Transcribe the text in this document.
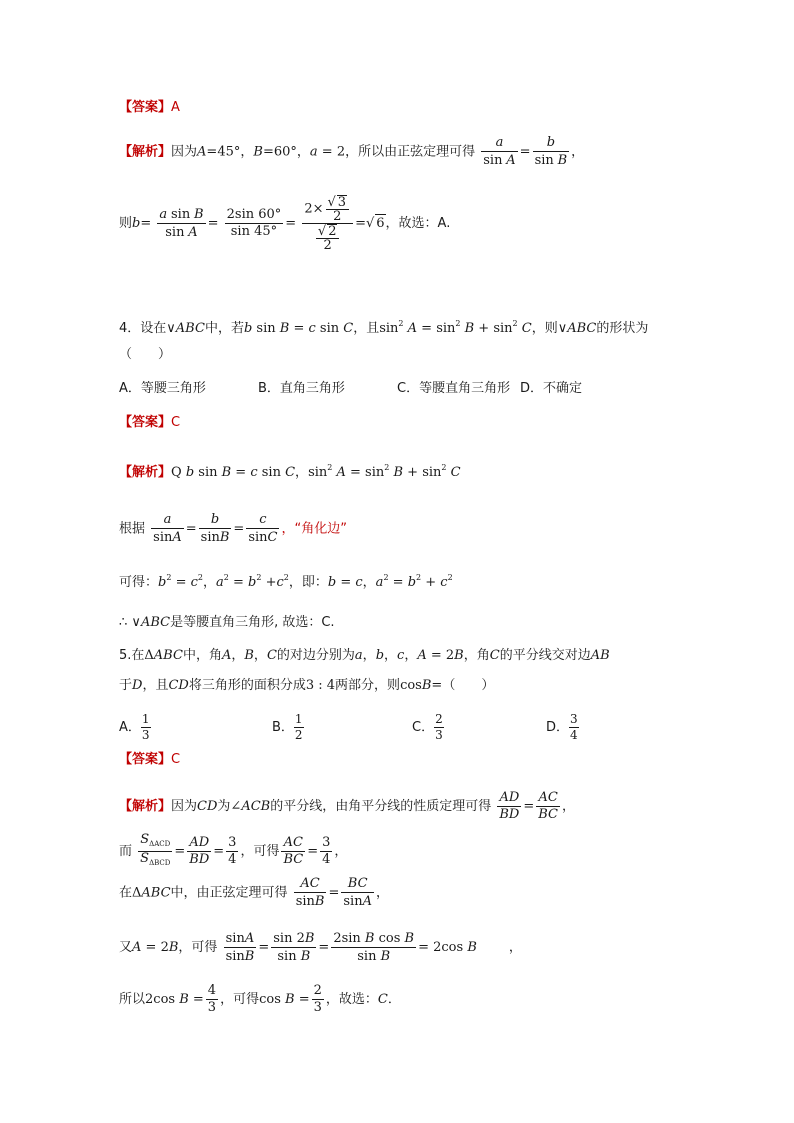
【答案】A
【解析】因为A=45°，B=60°，a = 2，所以由正弦定理可得 $\frac{a}{\text{sin A}} = \frac{b}{\text{sin B}}$ ，
则$b= \frac{\text{a sin B}}{\text{sin A}} = \frac{2\sin 60^\circ}{\sin 45^\circ} = \frac{2\times \frac{√ 3}{2}}{\frac{√ 2}{2}}$ =√ 6，故选：A.
4．设在∨ABC中，若b sin B = c sin C，且$\sin^2 A = \sin^2 B + \sin^2 C$，则∨ABC的形状为
（　　）
A．等腰三角形	B．直角三角形	C．等腰直角三角形 D．不确定
【答案】C
【解析】Q b sin B = c sin C，$\sin^2 A = \sin^2 B + \sin^2 C$
根据 $\frac{a}{\sin A} = \frac{b}{\sin B} = \frac{c}{\sin C}$ ，“角化边”
可得：$b^2 = c^2$，$a^2 = b^2 +c^2$，即：b = c，$a^2 = b^2 + c^2$
∴ ∨ABC是等腰直角三角形, 故选：C.
5.在ΔABC中，角A，B，C的对边分别为a，b，c，A = 2B，角C的平分线交对边AB
于D，且CD将三角形的面积分成3 : 4两部分，则cosB=（　　）
A． $\frac{1}{3}$	B． $\frac{1}{2}$	C． $\frac{2}{3}$	D． $\frac{3}{4}$
【答案】C
【解析】因为CD为∠ACB的平分线，由角平分线的性质定理可得 $\frac{AD}{BD} = \frac{AC}{BC}$ ，
而 $\frac{S_{\Delta ACD}}{S_{\Delta BCD}} = \frac{AD}{BD} = \frac{3}{4}$ ，可得 $\frac{AC}{BC} = \frac{3}{4}$ ，
在ΔABC中，由正弦定理可得 $\frac{AC}{\sin B} = \frac{BC}{\sin A}$ ，
又A = 2B，可得 $\frac{\sin A}{\sin B} = \frac{\sin 2B}{\text{sin B}} = \frac{\text{2sin B cos B}}{\text{sin B}} = 2\cos$ B ，
所以2cos $B = \frac{4}{3}$ ，可得$\cos B = \frac{2}{3}$ ，故选：C．
